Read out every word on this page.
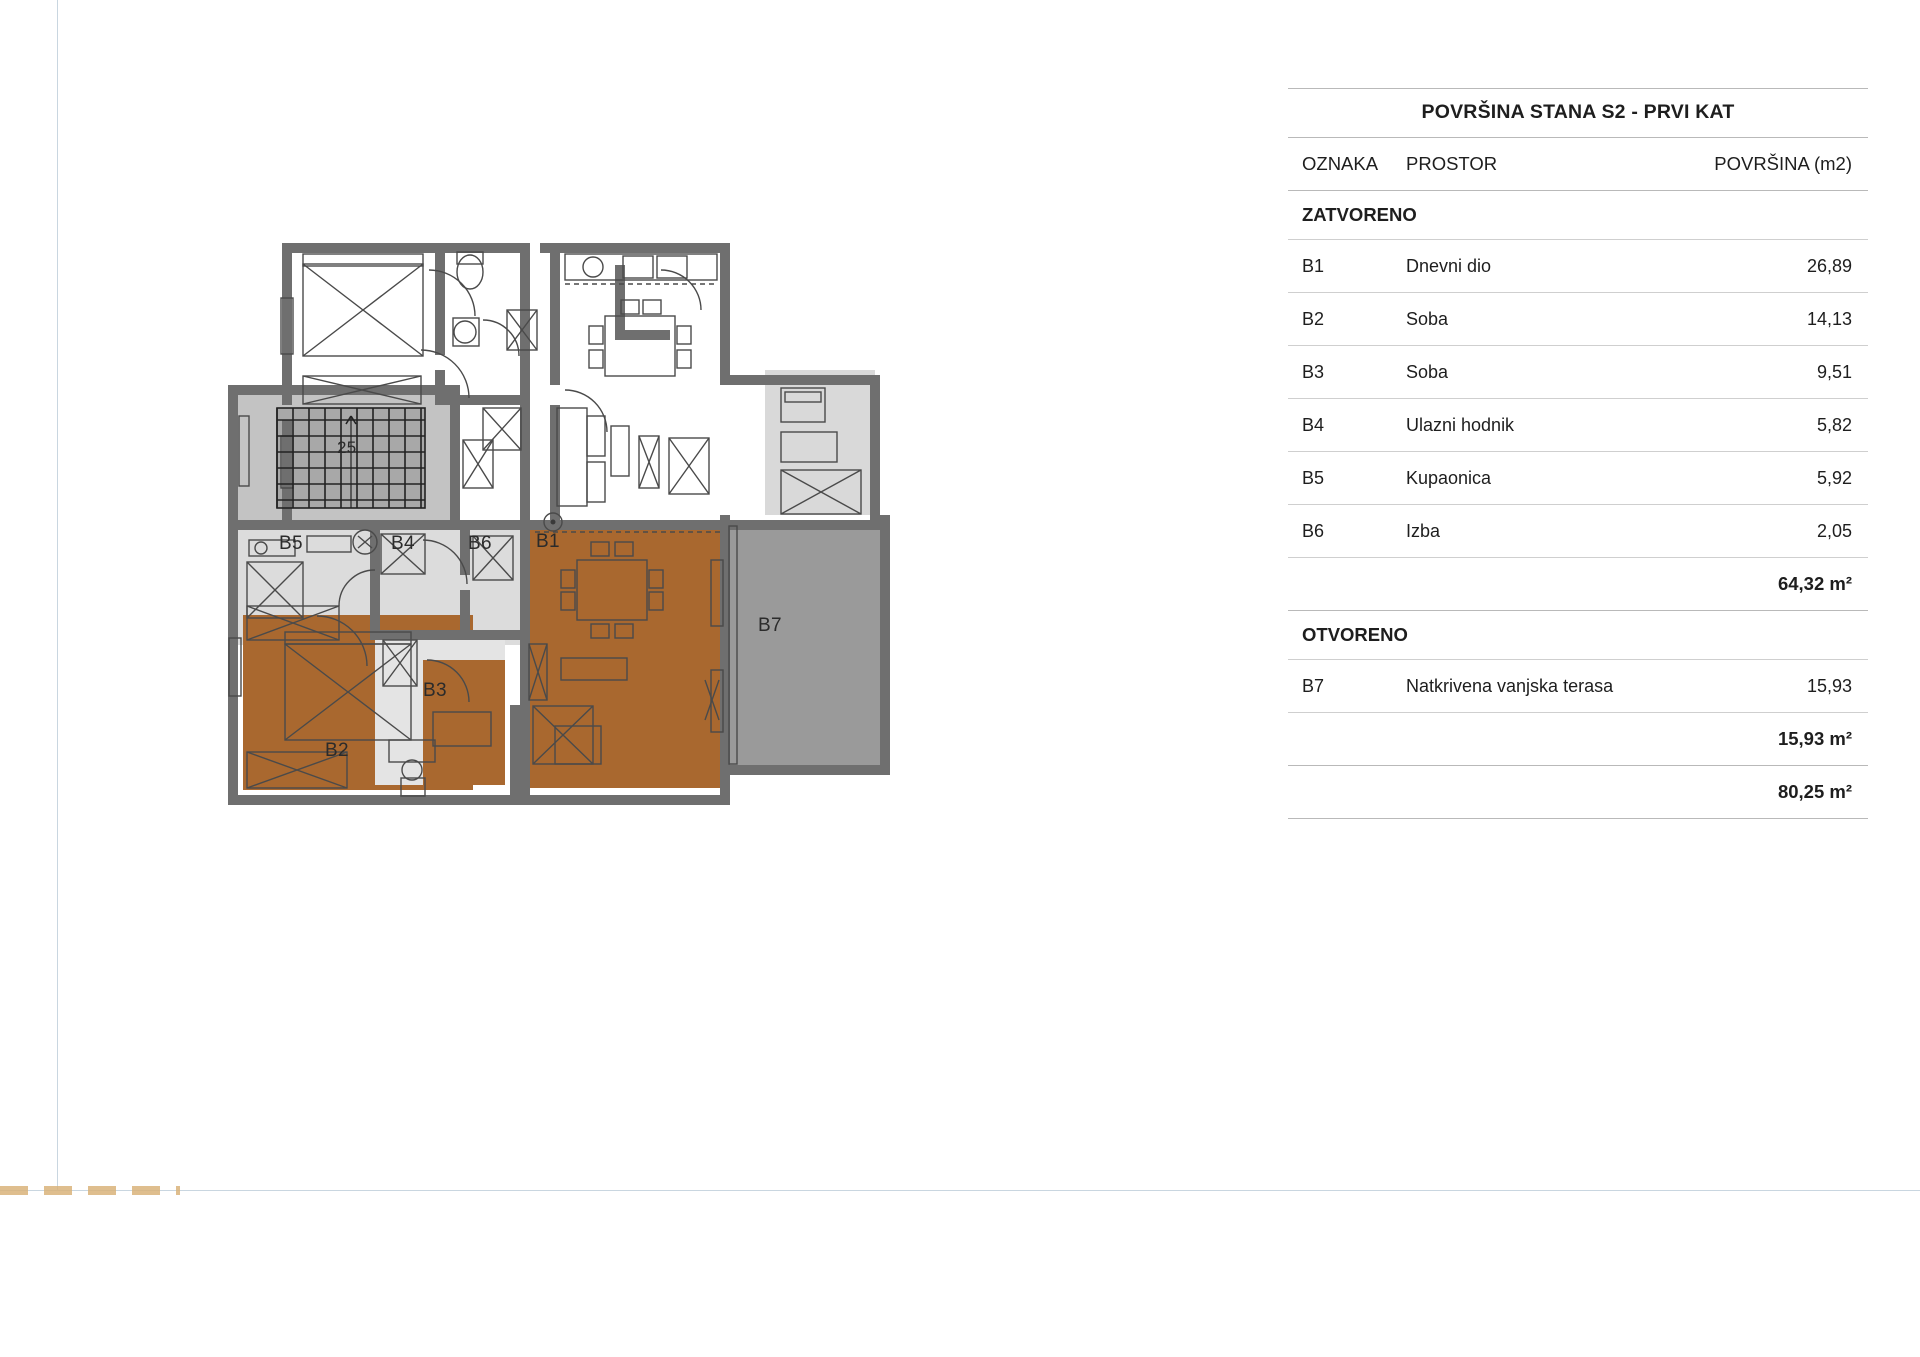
B1
B2
B3
B4
B5	B6
B7
25
POVRŠINA STANA S2 - PRVI KAT
OZNAKA	PROSTOR	POVRŠINA (m2)
ZATVORENO
B1	Dnevni dio	26,89
B2	Soba	14,13
B3	Soba	9,51
B4	Ulazni hodnik	5,82
B5	Kupaonica	5,92
B6	Izba	2,05
64,32 m²
OTVORENO
B7	Natkrivena vanjska terasa	15,93
15,93 m²
80,25 m²
